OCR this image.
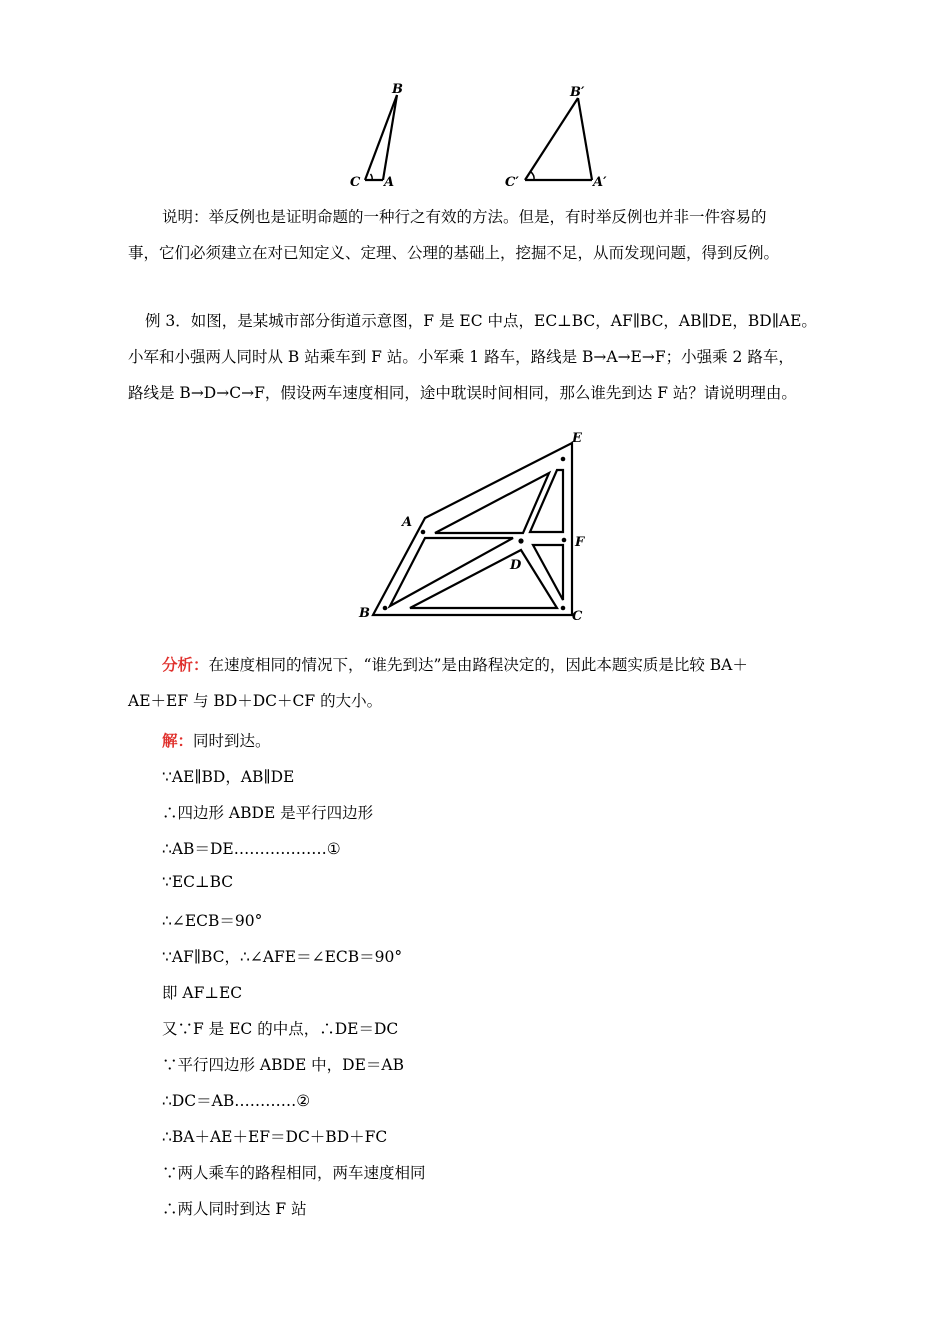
B
C A
B′
C′	A′
说明：举反例也是证明命题的一种行之有效的方法。但是，有时举反例也并非一件容易的
事，它们必须建立在对已知定义、定理、公理的基础上，挖掘不足，从而发现问题，得到反例。
例 3．如图，是某城市部分街道示意图，F 是 EC 中点，EC⊥BC，AF∥BC，AB∥DE，BD∥AE。
小军和小强两人同时从 B 站乘车到 F 站。小军乘 1 路车，路线是 B→A→E→F；小强乘 2 路车，
路线是 B→D→C→F，假设两车速度相同，途中耽误时间相同，那么谁先到达 F 站？请说明理由。
E
A
F
D
B	C
分析：在速度相同的情况下，“谁先到达”是由路程决定的，因此本题实质是比较 BA＋
AE＋EF 与 BD＋DC＋CF 的大小。
解：同时到达。
∵AE∥BD，AB∥DE
∴四边形 ABDE 是平行四边形
∴AB＝DE………………①
∵EC⊥BC
∴∠ECB＝90°
∵AF∥BC，∴∠AFE＝∠ECB＝90°
即 AF⊥EC
又∵F 是 EC 的中点，∴DE＝DC
∵平行四边形 ABDE 中，DE＝AB
∴DC＝AB…………②
∴BA＋AE＋EF＝DC＋BD＋FC
∵两人乘车的路程相同，两车速度相同
∴两人同时到达 F 站
